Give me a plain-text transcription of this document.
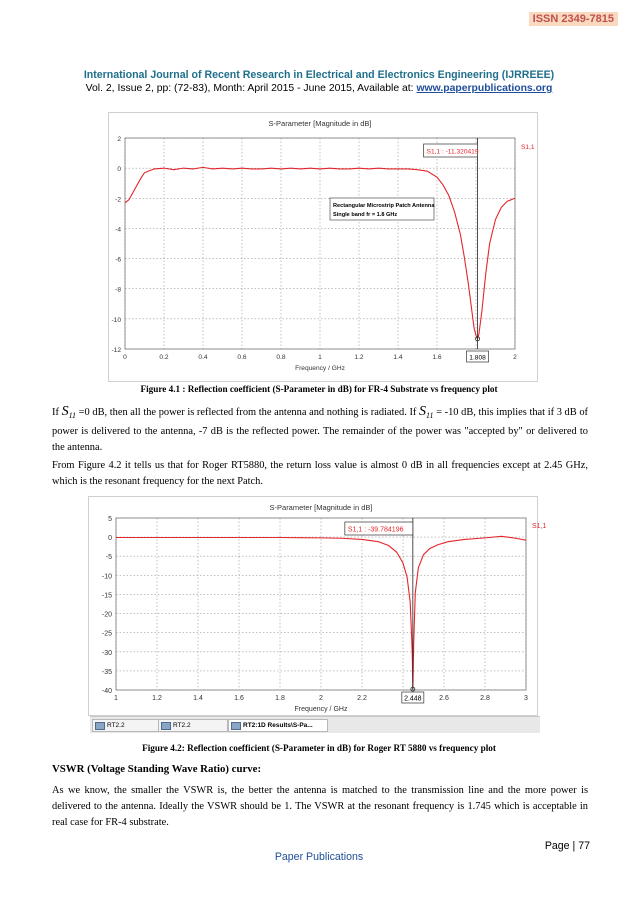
ISSN 2349-7815
International Journal of Recent Research in Electrical and Electronics Engineering (IJRREEE)
Vol. 2, Issue 2, pp: (72-83), Month: April 2015 - June 2015, Available at: www.paperpublications.org
S-Parameter [Magnitude in dB]
0	0.2	0.4	0.6	0.8	1	1.2	1.4	1.6	2
2
0
-2
-4
-6
-8
-10
-12
Frequency / GHz
1.808
S1,1 : -11.320419
S1,1
Rectangular Microstrip Patch Antenna
Single band fr = 1.8 GHz
Figure 4.1 : Reflection coefficient (S-Parameter in dB) for FR-4 Substrate vs frequency plot
If $S_{11} =0$ dB, then all the power is reflected from the antenna and nothing is radiated. If $S_{11} = -10$ dB, this implies that if 3 dB of power is delivered to the antenna, -7 dB is the reflected power. The remainder of the power was "accepted by" or delivered to the antenna.
From Figure 4.2 it tells us that for Roger RT5880, the return loss value is almost 0 dB in all frequencies except at 2.45 GHz, which is the resonant frequency for the next Patch.
S-Parameter [Magnitude in dB]
1	1.2	1.4	1.6	1.8	2	2.2	2.6	2.8	3
5
0
-5
-10
-15
-20
-25
-30
-35
-40
Frequency / GHz
2.448
S1,1 : -39.784196	S1,1
RT2.2	RT2.2	RT2:1D Results\S-Pa...
Figure 4.2: Reflection coefficient (S-Parameter in dB) for Roger RT 5880 vs frequency plot
VSWR (Voltage Standing Wave Ratio) curve:
As we know, the smaller the VSWR is, the better the antenna is matched to the transmission line and the more power is delivered to the antenna. Ideally the VSWR should be 1. The VSWR at the resonant frequency is 1.745 which is acceptable in real case for FR-4 substrate.
Page | 77
Paper Publications
